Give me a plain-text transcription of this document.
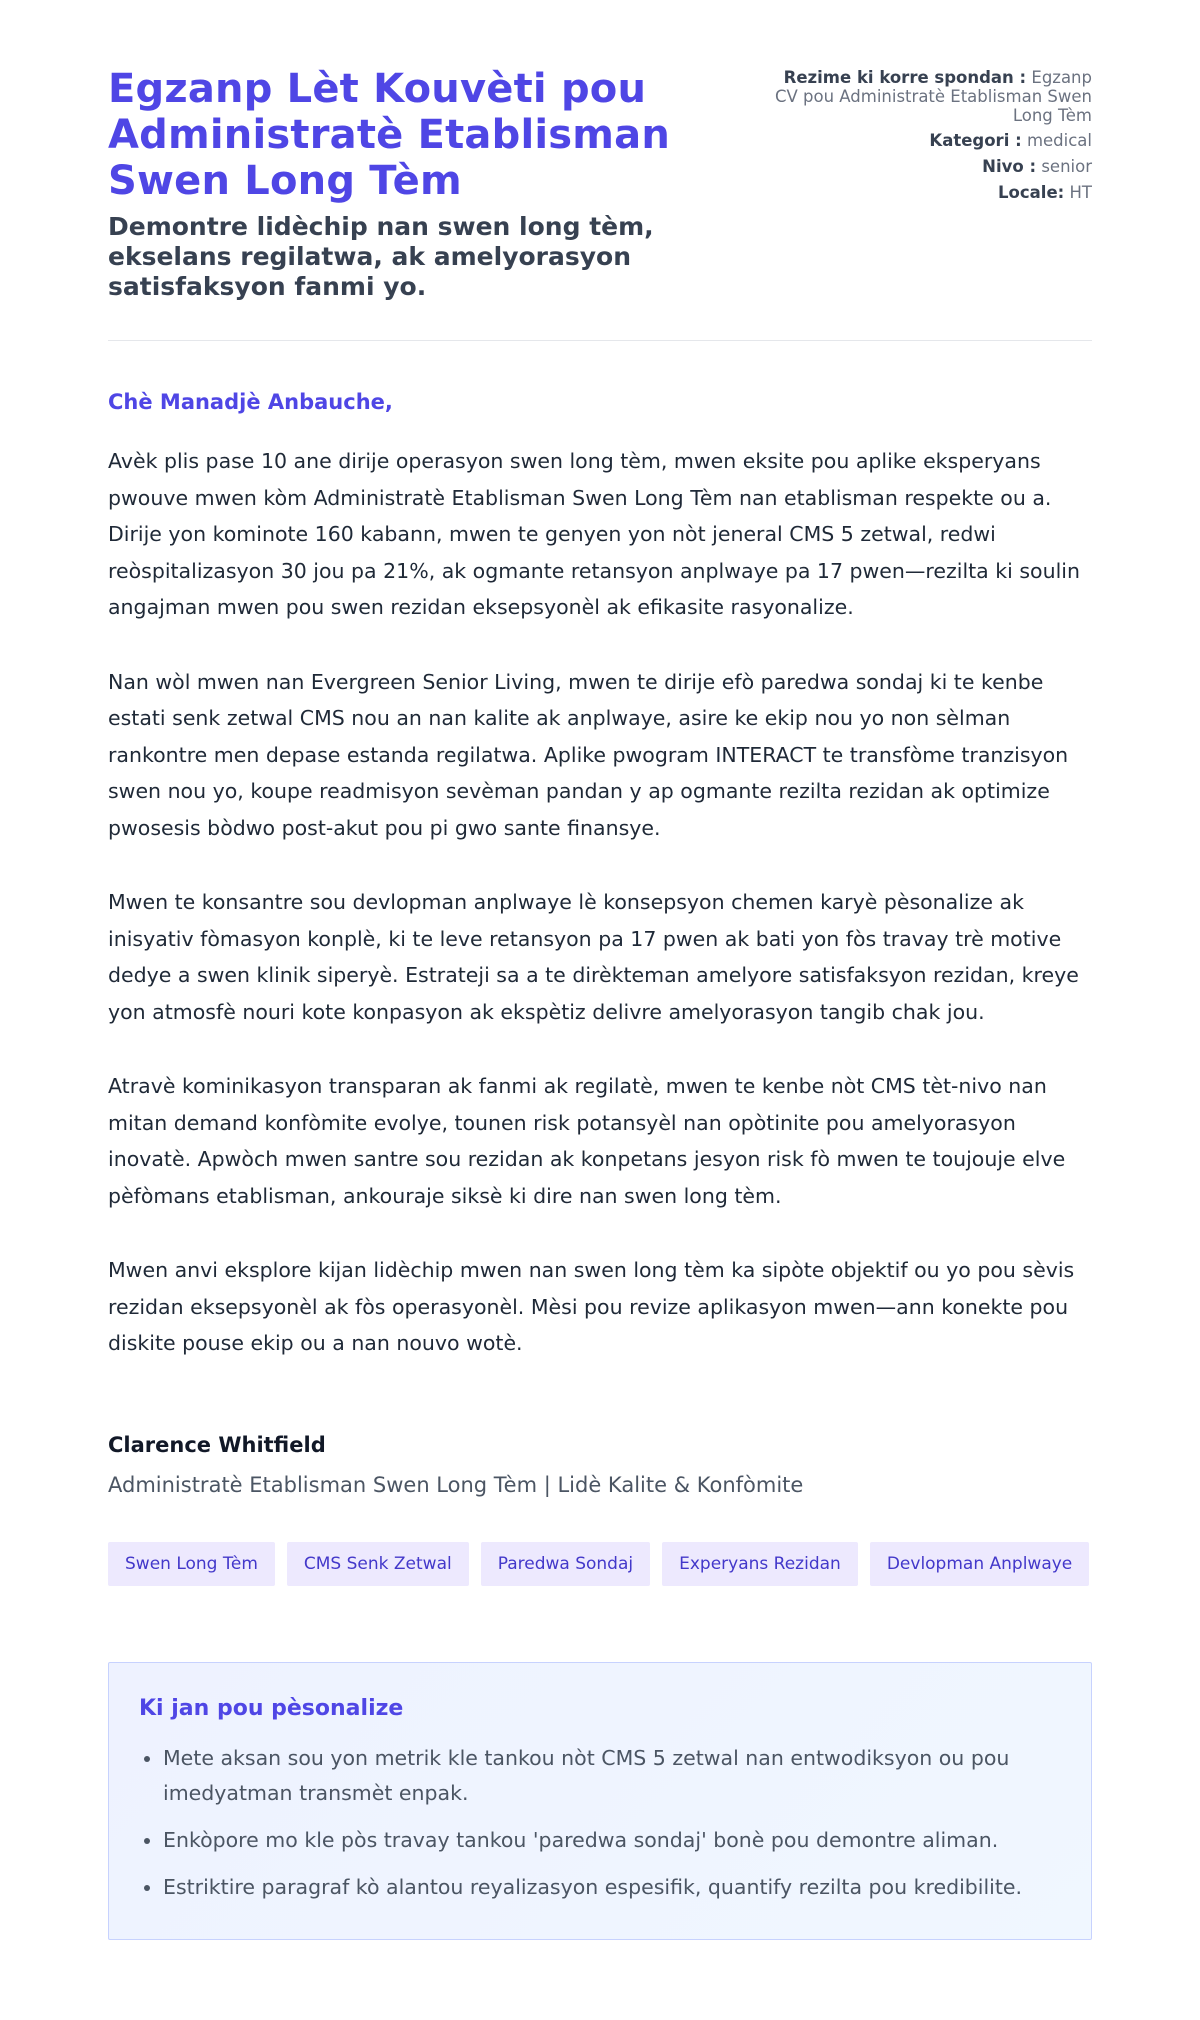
Egzanp Lèt Kouvèti pou Administratè Etablisman Swen Long Tèm

Demontre lidèchip nan swen long tèm, ekselans regilatwa, ak amelyorasyon satisfaksyon fanmi yo.

Rezime ki korre spondan : Egzanp CV pou Administratè Etablisman Swen Long Tèm
Kategori : medical
Nivo : senior
Locale: HT

Chè Manadjè Anbauche,

Avèk plis pase 10 ane dirije operasyon swen long tèm, mwen eksite pou aplike eksperyans pwouve mwen kòm Administratè Etablisman Swen Long Tèm nan etablisman respekte ou a. Dirije yon kominote 160 kabann, mwen te genyen yon nòt jeneral CMS 5 zetwal, redwi reòspitalizasyon 30 jou pa 21%, ak ogmante retansyon anplwaye pa 17 pwen—rezilta ki soulin angajman mwen pou swen rezidan eksepsyonèl ak efikasite rasyonalize.

Nan wòl mwen nan Evergreen Senior Living, mwen te dirije efò paredwa sondaj ki te kenbe estati senk zetwal CMS nou an nan kalite ak anplwaye, asire ke ekip nou yo non sèlman rankontre men depase estanda regilatwa. Aplike pwogram INTERACT te transfòme tranzisyon swen nou yo, koupe readmisyon sevèman pandan y ap ogmante rezilta rezidan ak optimize pwosesis bòdwo post-akut pou pi gwo sante finansye.

Mwen te konsantre sou devlopman anplwaye lè konsepsyon chemen karyè pèsonalize ak inisyativ fòmasyon konplè, ki te leve retansyon pa 17 pwen ak bati yon fòs travay trè motive dedye a swen klinik siperyè. Estrateji sa a te dirèkteman amelyore satisfaksyon rezidan, kreye yon atmosfè nouri kote konpasyon ak ekspètiz delivre amelyorasyon tangib chak jou.

Atravè kominikasyon transparan ak fanmi ak regilatè, mwen te kenbe nòt CMS tèt-nivo nan mitan demand konfòmite evolye, tounen risk potansyèl nan opòtinite pou amelyorasyon inovatè. Apwòch mwen santre sou rezidan ak konpetans jesyon risk fò mwen te toujouje elve pèfòmans etablisman, ankouraje siksè ki dire nan swen long tèm.

Mwen anvi eksplore kijan lidèchip mwen nan swen long tèm ka sipòte objektif ou yo pou sèvis rezidan eksepsyonèl ak fòs operasyonèl. Mèsi pou revize aplikasyon mwen—ann konekte pou diskite pouse ekip ou a nan nouvo wotè.

Clarence Whitfield

Administratè Etablisman Swen Long Tèm | Lidè Kalite & Konfòmite

Swen Long Tèm	CMS Senk Zetwal	Paredwa Sondaj	Experyans Rezidan	Devlopman Anplwaye
Ki jan pou pèsonalize
• Mete aksan sou yon metrik kle tankou nòt CMS 5 zetwal nan entwodiksyon ou pou imedyatman transmèt enpak.
• Enkòpore mo kle pòs travay tankou 'paredwa sondaj' bonè pou demontre aliman.
• Estriktire paragraf kò alantou reyalizasyon espesifik, quantify rezilta pou kredibilite.
